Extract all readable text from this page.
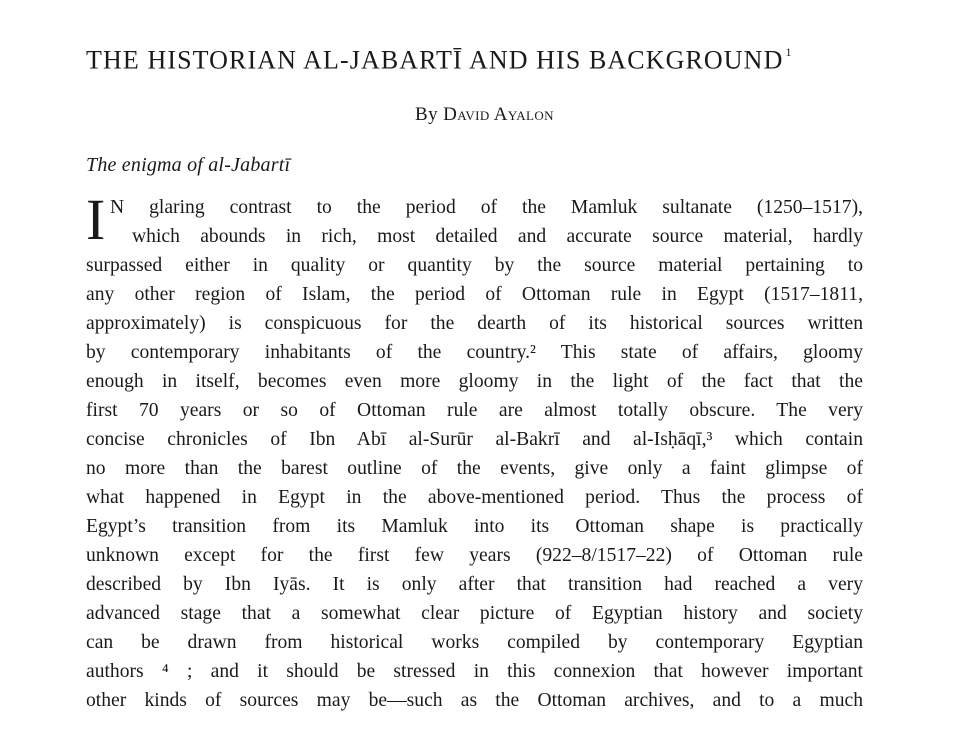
THE HISTORIAN AL-JABARTĪ AND HIS BACKGROUND $^1$
By David Ayalon
The enigma of al-Jabartī
I N glaring contrast to the period of the Mamluk sultanate (1250–1517),
which abounds in rich, most detailed and accurate source material, hardly
surpassed either in quality or quantity by the source material pertaining to
any other region of Islam, the period of Ottoman rule in Egypt (1517–1811,
approximately) is conspicuous for the dearth of its historical sources written
by contemporary inhabitants of the country.² This state of affairs, gloomy
enough in itself, becomes even more gloomy in the light of the fact that the
first 70 years or so of Ottoman rule are almost totally obscure. The very
concise chronicles of Ibn Abī al-Surūr al-Bakrī and al-Isḥāqī,³ which contain
no more than the barest outline of the events, give only a faint glimpse of
what happened in Egypt in the above-mentioned period. Thus the process of
Egypt’s transition from its Mamluk into its Ottoman shape is practically
unknown except for the first few years (922–8/1517–22) of Ottoman rule
described by Ibn Iyās. It is only after that transition had reached a very
advanced stage that a somewhat clear picture of Egyptian history and society
can be drawn from historical works compiled by contemporary Egyptian
authors ⁴ ; and it should be stressed in this connexion that however important
other kinds of sources may be—such as the Ottoman archives, and to a much
